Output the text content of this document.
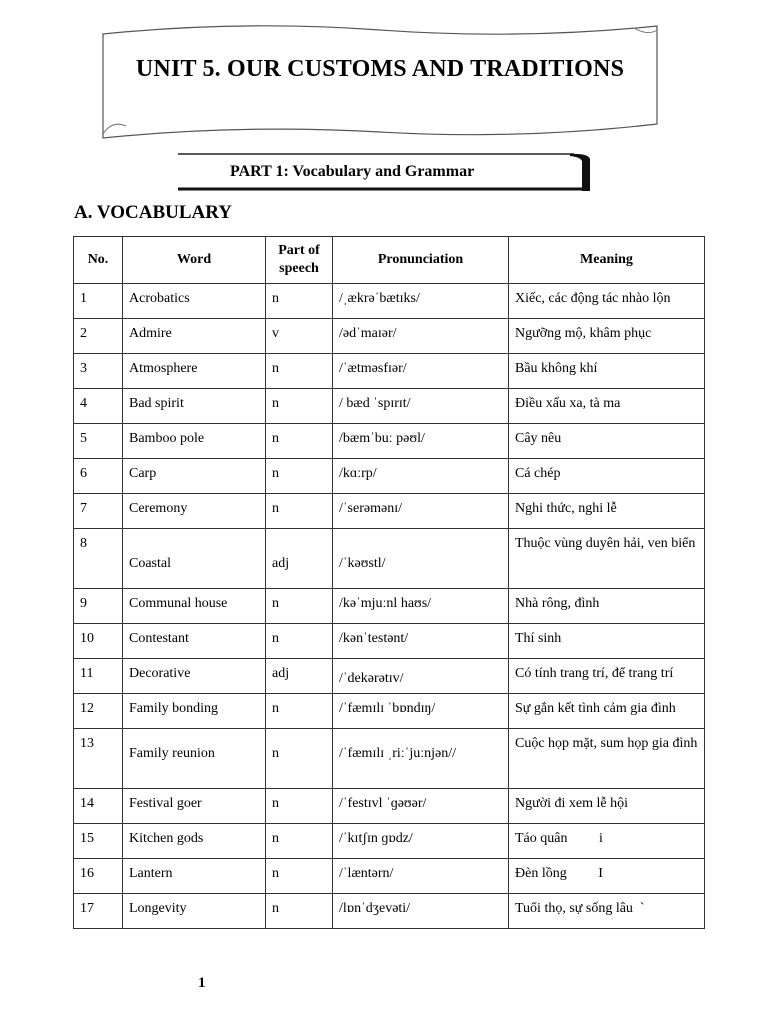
UNIT 5. OUR CUSTOMS AND TRADITIONS
PART 1: Vocabulary and Grammar
A. VOCABULARY
No.	Word	Part of speech	Pronunciation	Meaning
1	Acrobatics	n	/ˌækrəˈbætɪks/	Xiếc, các động tác nhào lộn
2	Admire	v	/ədˈmaɪər/	Ngưỡng mộ, khâm phục
3	Atmosphere	n	/ˈætməsfɪər/	Bầu không khí
4	Bad spirit	n	/ bæd ˈspɪrɪt/	Điều xấu xa, tà ma
5	Bamboo pole	n	/bæmˈbuː pəʊl/	Cây nêu
6	Carp	n	/kɑːrp/	Cá chép
7	Ceremony	n	/ˈserəmənɪ/	Nghi thức, nghi lễ
8	Coastal	adj	/ˈkəʊstl/	Thuộc vùng duyên hải, ven biển
9	Communal house	n	/kəˈmjuːnl haʊs/	Nhà rông, đình
10	Contestant	n	/kənˈtestənt/	Thí sinh
11	Decorative	adj	/ˈdekərətɪv/	Có tính trang trí, để trang trí
12	Family bonding	n	/ˈfæmɪlɪ ˈbɒndɪŋ/	Sự gắn kết tình cảm gia đình
13	Family reunion	n	/ˈfæmɪlɪ ˌriːˈjuːnjən//	Cuộc họp mặt, sum họp gia đình
14	Festival goer	n	/ˈfestɪvl ˈɡəʊər/	Người đi xem lễ hội
15	Kitchen gods	n	/ˈkɪtʃɪn ɡɒdz/	Táo quân         i
16	Lantern	n	/ˈlæntərn/	Đèn lồng         I
17	Longevity	n	/lɒnˈdʒevəti/	Tuổi thọ, sự sống lâu  `
1
